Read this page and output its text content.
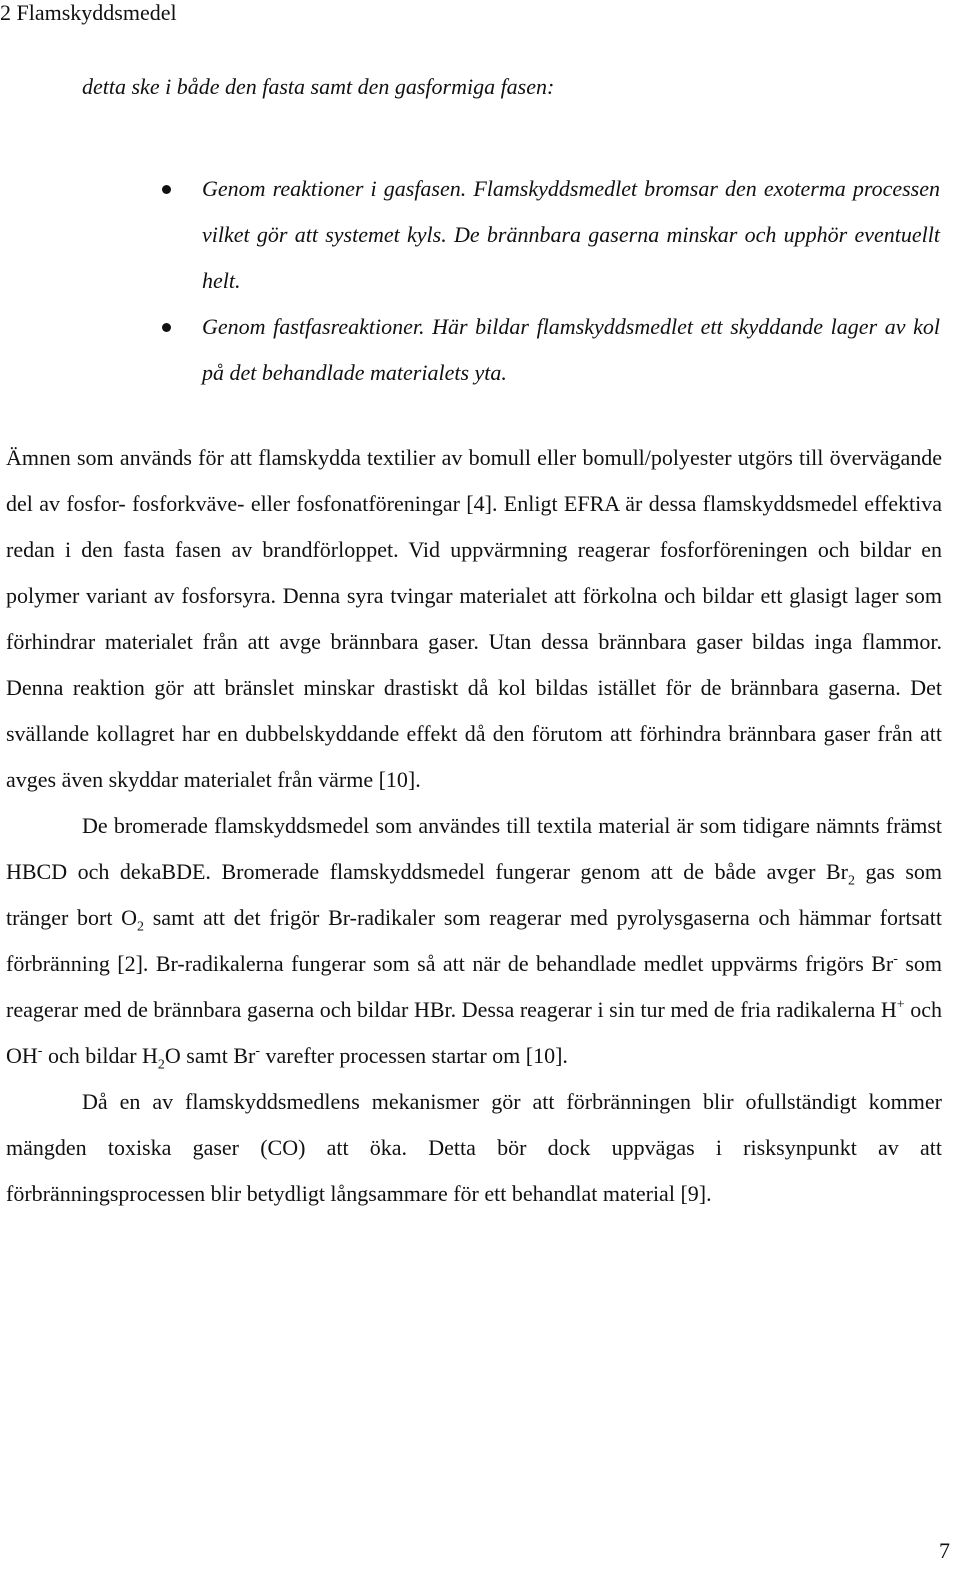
2 Flamskyddsmedel
detta ske i både den fasta samt den gasformiga fasen:
Genom reaktioner i gasfasen. Flamskyddsmedlet bromsar den exoterma processen vilket gör att systemet kyls. De brännbara gaserna minskar och upphör eventuellt helt.
Genom fastfasreaktioner. Här bildar flamskyddsmedlet ett skyddande lager av kol på det behandlade materialets yta.

Ämnen som används för att flamskydda textilier av bomull eller bomull/polyester utgörs till övervägande del av fosfor- fosforkväve- eller fosfonatföreningar [4]. Enligt EFRA är dessa flamskyddsmedel effektiva redan i den fasta fasen av brandförloppet. Vid uppvärmning reagerar fosforföreningen och bildar en polymer variant av fosforsyra. Denna syra tvingar materialet att förkolna och bildar ett glasigt lager som förhindrar materialet från att avge brännbara gaser. Utan dessa brännbara gaser bildas inga flammor. Denna reaktion gör att bränslet minskar drastiskt då kol bildas istället för de brännbara gaserna. Det svällande kollagret har en dubbelskyddande effekt då den förutom att förhindra brännbara gaser från att avges även skyddar materialet från värme [10].

De bromerade flamskyddsmedel som användes till textila material är som tidigare nämnts främst HBCD och dekaBDE. Bromerade flamskyddsmedel fungerar genom att de både avger $Br_2$ gas som tränger bort $O_2$ samt att det frigör Br-radikaler som reagerar med pyrolysgaserna och hämmar fortsatt förbränning [2]. Br-radikalerna fungerar som så att när de behandlade medlet uppvärms frigörs Br- som reagerar med de brännbara gaserna och bildar HBr. Dessa reagerar i sin tur med de fria radikalerna H+ och OH- och bildar $H_2O$ samt Br- varefter processen startar om [10].

Då en av flamskyddsmedlens mekanismer gör att förbränningen blir ofullständigt kommer mängden toxiska gaser (CO) att öka. Detta bör dock uppvägas i risksynpunkt av att förbränningsprocessen blir betydligt långsammare för ett behandlat material [9].

7
